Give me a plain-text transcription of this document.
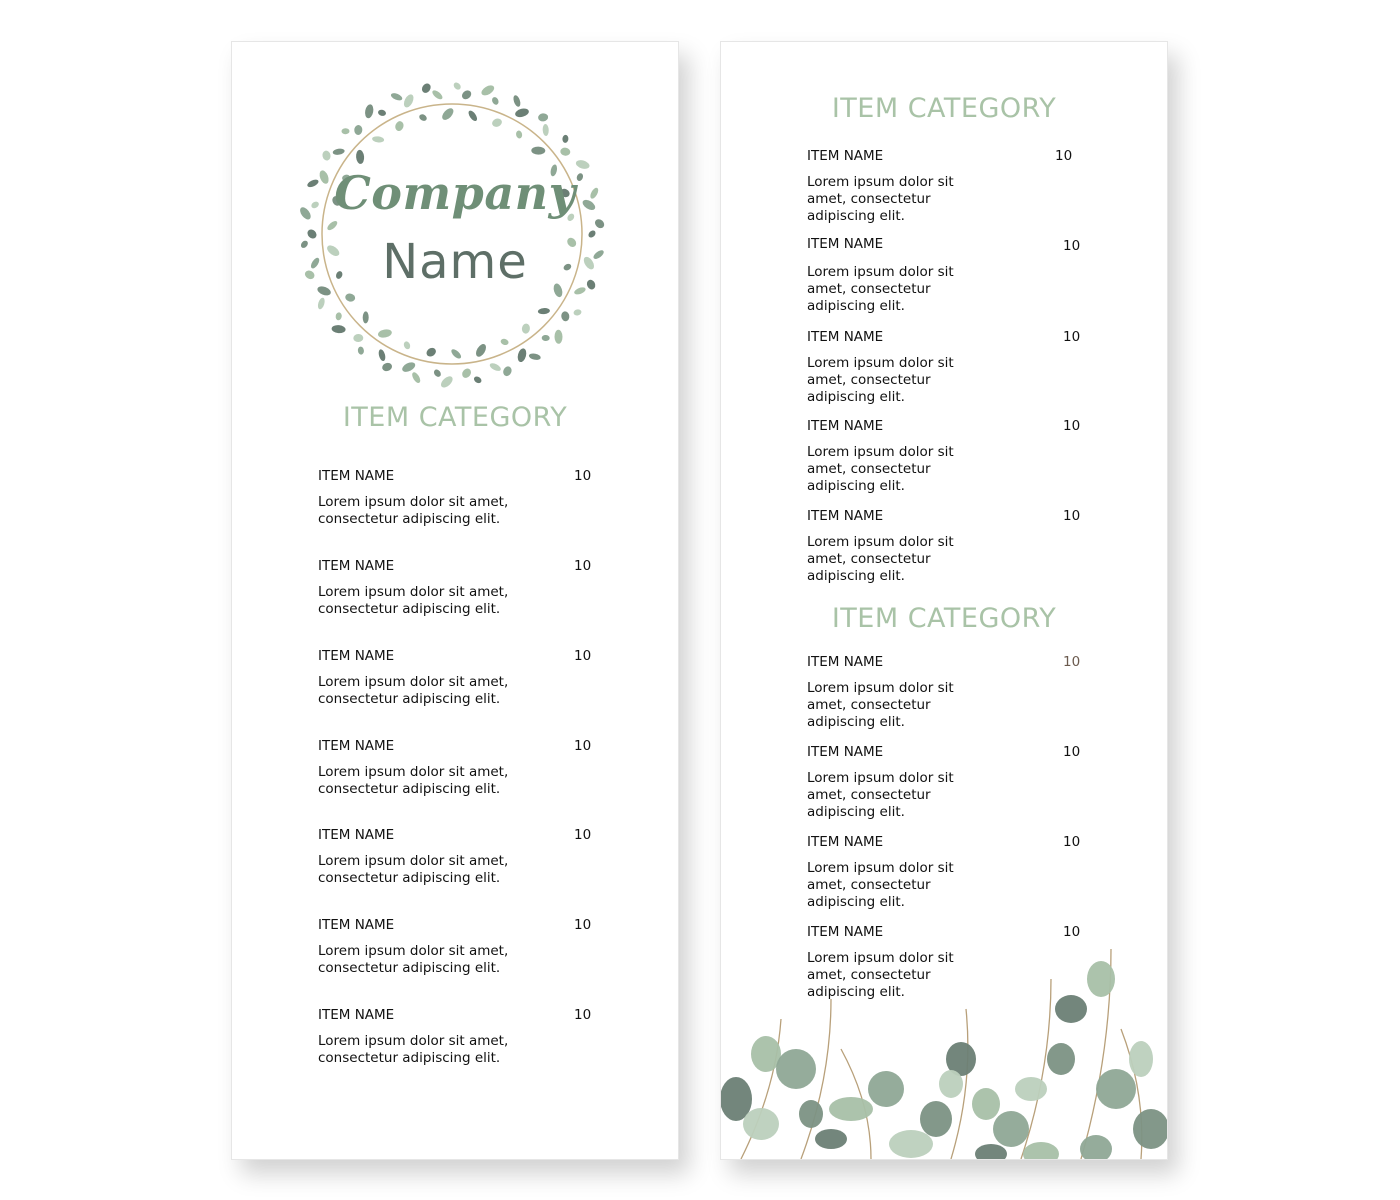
Company
Name
ITEM CATEGORY
ITEM NAME	10
Lorem ipsum dolor sit amet, consectetur adipiscing elit.
ITEM NAME	10
Lorem ipsum dolor sit amet, consectetur adipiscing elit.
ITEM NAME	10
Lorem ipsum dolor sit amet, consectetur adipiscing elit.
ITEM NAME	10
Lorem ipsum dolor sit amet, consectetur adipiscing elit.
ITEM NAME	10
Lorem ipsum dolor sit amet, consectetur adipiscing elit.
ITEM NAME	10
Lorem ipsum dolor sit amet, consectetur adipiscing elit.
ITEM NAME	10
Lorem ipsum dolor sit amet, consectetur adipiscing elit.
ITEM CATEGORY
ITEM NAME	10
Lorem ipsum dolor sit amet, consectetur adipiscing elit.
ITEM NAME	10
Lorem ipsum dolor sit amet, consectetur adipiscing elit.
ITEM NAME	10
Lorem ipsum dolor sit amet, consectetur adipiscing elit.
ITEM NAME	10
Lorem ipsum dolor sit amet, consectetur adipiscing elit.
ITEM NAME	10
Lorem ipsum dolor sit amet, consectetur adipiscing elit.
ITEM CATEGORY
ITEM NAME	10
Lorem ipsum dolor sit amet, consectetur adipiscing elit.
ITEM NAME	10
Lorem ipsum dolor sit amet, consectetur adipiscing elit.
ITEM NAME	10
Lorem ipsum dolor sit amet, consectetur adipiscing elit.
ITEM NAME	10
Lorem ipsum dolor sit amet, consectetur adipiscing elit.
